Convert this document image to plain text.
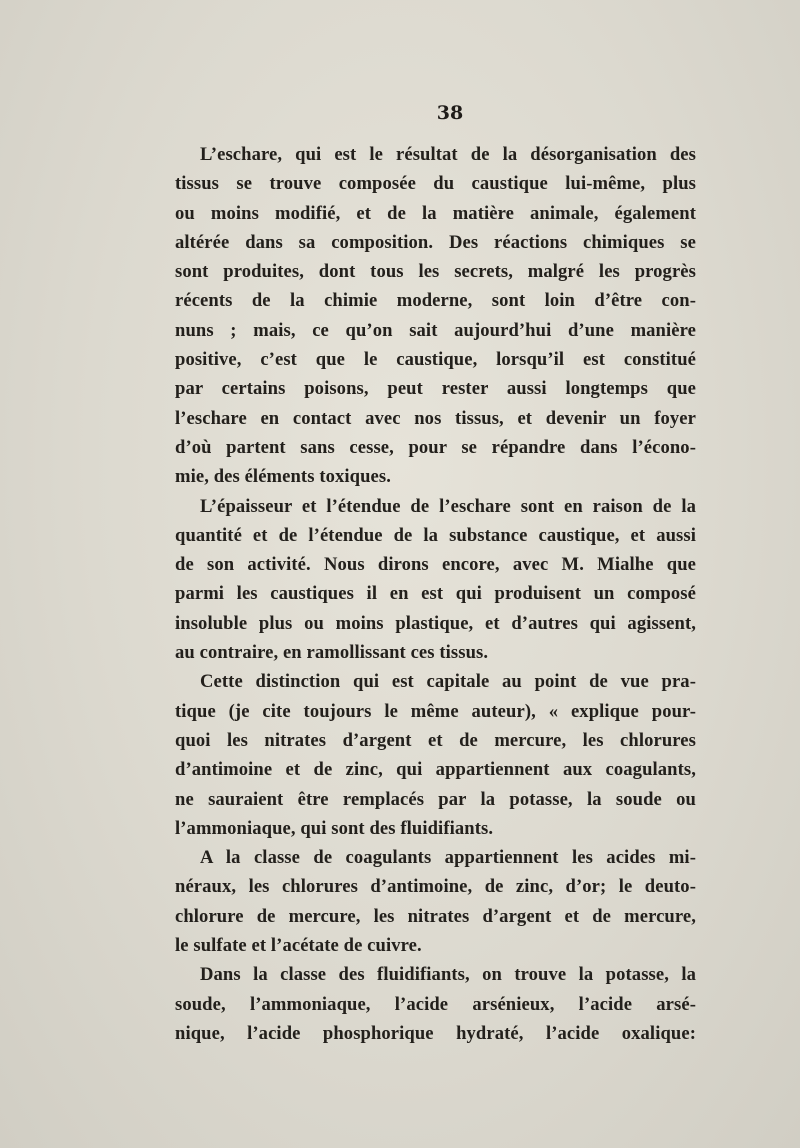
38
L’eschare, qui est le résultat de la désorganisation des
tissus se trouve composée du caustique lui-même, plus
ou moins modifié, et de la matière animale, également
altérée dans sa composition. Des réactions chimiques se
sont produites, dont tous les secrets, malgré les progrès
récents de la chimie moderne, sont loin d’être con-
nuns ; mais, ce qu’on sait aujourd’hui d’une manière
positive, c’est que le caustique, lorsqu’il est constitué
par certains poisons, peut rester aussi longtemps que
l’eschare en contact avec nos tissus, et devenir un foyer
d’où partent sans cesse, pour se répandre dans l’écono-
mie, des éléments toxiques.
L’épaisseur et l’étendue de l’eschare sont en raison de la
quantité et de l’étendue de la substance caustique, et aussi
de son activité. Nous dirons encore, avec M. Mialhe que
parmi les caustiques il en est qui produisent un composé
insoluble plus ou moins plastique, et d’autres qui agissent,
au contraire, en ramollissant ces tissus.
Cette distinction qui est capitale au point de vue pra-
tique (je cite toujours le même auteur), « explique pour-
quoi les nitrates d’argent et de mercure, les chlorures
d’antimoine et de zinc, qui appartiennent aux coagulants,
ne sauraient être remplacés par la potasse, la soude ou
l’ammoniaque, qui sont des fluidifiants.
A la classe de coagulants appartiennent les acides mi-
néraux, les chlorures d’antimoine, de zinc, d’or; le deuto-
chlorure de mercure, les nitrates d’argent et de mercure,
le sulfate et l’acétate de cuivre.
Dans la classe des fluidifiants, on trouve la potasse, la
soude, l’ammoniaque, l’acide arsénieux, l’acide arsé-
nique, l’acide phosphorique hydraté, l’acide oxalique:
